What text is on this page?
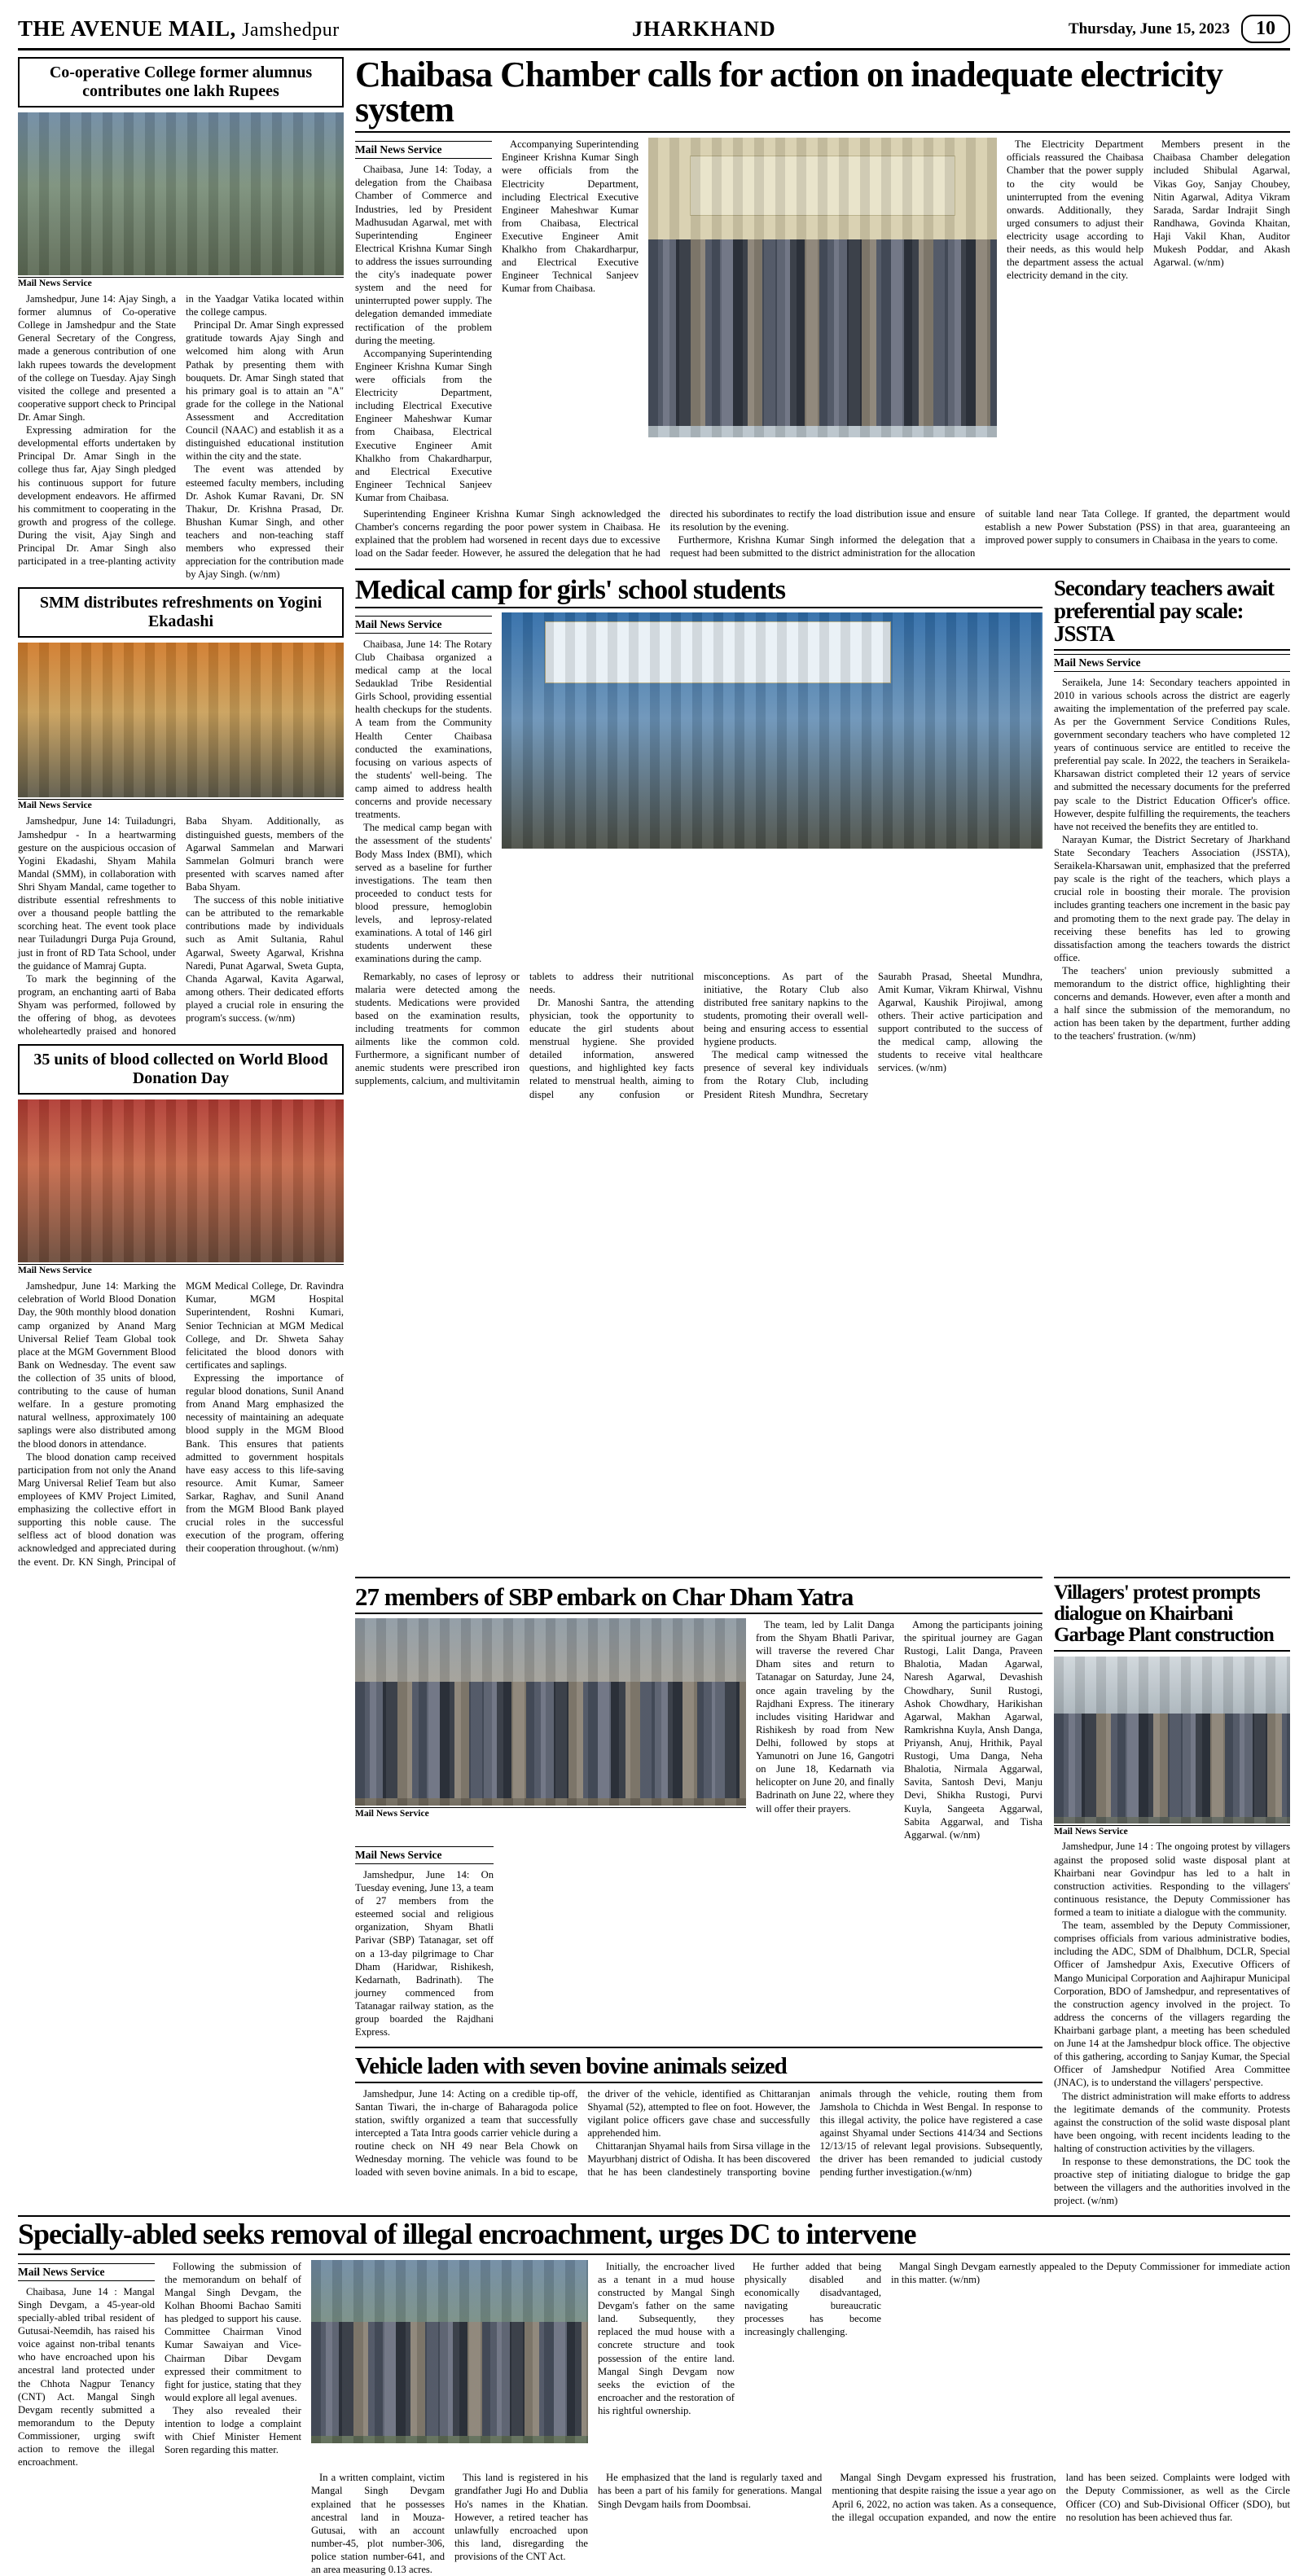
THE AVENUE MAIL, Jamshedpur	JHARKHAND	Thursday, June 15, 2023	10
Co-operative College former alumnus contributes one lakh Rupees
Mail News Service

Jamshedpur, June 14: Ajay Singh, a former alumnus of Co-operative College in Jamshedpur and the State General Secretary of the Congress, made a generous contribution of one lakh rupees towards the development of the college on Tuesday. Ajay Singh visited the college and presented a cooperative support check to Principal Dr. Amar Singh.

Expressing admiration for the developmental efforts undertaken by Principal Dr. Amar Singh in the college thus far, Ajay Singh pledged his continuous support for future development endeavors. He affirmed his commitment to cooperating in the growth and progress of the college. During the visit, Ajay Singh and Principal Dr. Amar Singh also participated in a tree-planting activity in the Yaadgar Vatika located within the college campus.

Principal Dr. Amar Singh expressed gratitude towards Ajay Singh and welcomed him along with Arun Pathak by presenting them with bouquets. Dr. Amar Singh stated that his primary goal is to attain an "A" grade for the college in the National Assessment and Accreditation Council (NAAC) and establish it as a distinguished educational institution within the city and the state.

The event was attended by esteemed faculty members, including Dr. Ashok Kumar Ravani, Dr. SN Thakur, Dr. Krishna Prasad, Dr. Bhushan Kumar Singh, and other teachers and non-teaching staff members who expressed their appreciation for the contribution made by Ajay Singh. (w/nm)

SMM distributes refreshments on Yogini Ekadashi
Mail News Service

Jamshedpur, June 14: Tuiladungri, Jamshedpur - In a heartwarming gesture on the auspicious occasion of Yogini Ekadashi, Shyam Mahila Mandal (SMM), in collaboration with Shri Shyam Mandal, came together to distribute essential refreshments to over a thousand people battling the scorching heat. The event took place near Tuiladungri Durga Puja Ground, just in front of RD Tata School, under the guidance of Mamraj Gupta.

To mark the beginning of the program, an enchanting aarti of Baba Shyam was performed, followed by the offering of bhog, as devotees wholeheartedly praised and honored Baba Shyam. Additionally, as distinguished guests, members of the Agarwal Sammelan and Marwari Sammelan Golmuri branch were presented with scarves named after Baba Shyam.

The success of this noble initiative can be attributed to the remarkable contributions made by individuals such as Amit Sultania, Rahul Agarwal, Sweety Agarwal, Krishna Naredi, Punat Agarwal, Sweta Gupta, Chanda Agarwal, Kavita Agarwal, among others. Their dedicated efforts played a crucial role in ensuring the program's success. (w/nm)

35 units of blood collected on World Blood Donation Day
Mail News Service

Jamshedpur, June 14: Marking the celebration of World Blood Donation Day, the 90th monthly blood donation camp organized by Anand Marg Universal Relief Team Global took place at the MGM Government Blood Bank on Wednesday. The event saw the collection of 35 units of blood, contributing to the cause of human welfare. In a gesture promoting natural wellness, approximately 100 saplings were also distributed among the blood donors in attendance.

The blood donation camp received participation from not only the Anand Marg Universal Relief Team but also employees of KMV Project Limited, emphasizing the collective effort in supporting this noble cause. The selfless act of blood donation was acknowledged and appreciated during the event. Dr. KN Singh, Principal of MGM Medical College, Dr. Ravindra Kumar, MGM Hospital Superintendent, Roshni Kumari, Senior Technician at MGM Medical College, and Dr. Shweta Sahay felicitated the blood donors with certificates and saplings.

Expressing the importance of regular blood donations, Sunil Anand from Anand Marg emphasized the necessity of maintaining an adequate blood supply in the MGM Blood Bank. This ensures that patients admitted to government hospitals have easy access to this life-saving resource. Amit Kumar, Sameer Sarkar, Raghav, and Sunil Anand from the MGM Blood Bank played crucial roles in the successful execution of the program, offering their cooperation throughout. (w/nm)

Chaibasa Chamber calls for action on inadequate electricity system
Mail News Service

Chaibasa, June 14: Today, a delegation from the Chaibasa Chamber of Commerce and Industries, led by President Madhusudan Agarwal, met with Superintending Engineer Electrical Krishna Kumar Singh to address the issues surrounding the city's inadequate power system and the need for uninterrupted power supply. The delegation demanded immediate rectification of the problem during the meeting.

Accompanying Superintending Engineer Krishna Kumar Singh were officials from the Electricity Department, including Electrical Executive Engineer Maheshwar Kumar from Chaibasa, Electrical Executive Engineer Amit Khalkho from Chakardharpur, and Electrical Executive Engineer Technical Sanjeev Kumar from Chaibasa.

Accompanying Superintending Engineer Krishna Kumar Singh were officials from the Electricity Department, including Electrical Executive Engineer Maheshwar Kumar from Chaibasa, Electrical Executive Engineer Amit Khalkho from Chakardharpur, and Electrical Executive Engineer Technical Sanjeev Kumar from Chaibasa.

The Electricity Department officials reassured the Chaibasa Chamber that the power supply to the city would be uninterrupted from the evening onwards. Additionally, they urged consumers to adjust their electricity usage according to their needs, as this would help the department assess the actual electricity demand in the city.

Members present in the Chaibasa Chamber delegation included Shibulal Agarwal, Vikas Goy, Sanjay Choubey, Nitin Agarwal, Aditya Vikram Sarada, Sardar Indrajit Singh Randhawa, Govinda Khaitan, Haji Vakil Khan, Auditor Mukesh Poddar, and Akash Agarwal. (w/nm)

Superintending Engineer Krishna Kumar Singh acknowledged the Chamber's concerns regarding the poor power system in Chaibasa. He explained that the problem had worsened in recent days due to excessive load on the Sadar feeder. However, he assured the delegation that he had directed his subordinates to rectify the load distribution issue and ensure its resolution by the evening.

Furthermore, Krishna Kumar Singh informed the delegation that a request had been submitted to the district administration for the allocation of suitable land near Tata College. If granted, the department would establish a new Power Substation (PSS) in that area, guaranteeing an improved power supply to consumers in Chaibasa in the years to come.

Medical camp for girls' school students
Mail News Service

Chaibasa, June 14: The Rotary Club Chaibasa organized a medical camp at the local Sedauklad Tribe Residential Girls School, providing essential health checkups for the students. A team from the Community Health Center Chaibasa conducted the examinations, focusing on various aspects of the students' well-being. The camp aimed to address health concerns and provide necessary treatments.

The medical camp began with the assessment of the students' Body Mass Index (BMI), which served as a baseline for further investigations. The team then proceeded to conduct tests for blood pressure, hemoglobin levels, and leprosy-related examinations. A total of 146 girl students underwent these examinations during the camp.

Remarkably, no cases of leprosy or malaria were detected among the students. Medications were provided based on the examination results, including treatments for common ailments like the common cold. Furthermore, a significant number of anemic students were prescribed iron supplements, calcium, and multivitamin tablets to address their nutritional needs.

Dr. Manoshi Santra, the attending physician, took the opportunity to educate the girl students about menstrual hygiene. She provided detailed information, answered questions, and highlighted key facts related to menstrual health, aiming to dispel any confusion or misconceptions. As part of the initiative, the Rotary Club also distributed free sanitary napkins to the students, promoting their overall well-being and ensuring access to essential hygiene products.

The medical camp witnessed the presence of several key individuals from the Rotary Club, including President Ritesh Mundhra, Secretary Saurabh Prasad, Sheetal Mundhra, Amit Kumar, Vikram Khirwal, Vishnu Agarwal, Kaushik Pirojiwal, among others. Their active participation and support contributed to the success of the medical camp, allowing the students to receive vital healthcare services. (w/nm)

Secondary teachers await preferential pay scale: JSSTA
Mail News Service

Seraikela, June 14: Secondary teachers appointed in 2010 in various schools across the district are eagerly awaiting the implementation of the preferred pay scale. As per the Government Service Conditions Rules, government secondary teachers who have completed 12 years of continuous service are entitled to receive the preferential pay scale. In 2022, the teachers in Seraikela-Kharsawan district completed their 12 years of service and submitted the necessary documents for the preferred pay scale to the District Education Officer's office. However, despite fulfilling the requirements, the teachers have not received the benefits they are entitled to.

Narayan Kumar, the District Secretary of Jharkhand State Secondary Teachers Association (JSSTA), Seraikela-Kharsawan unit, emphasized that the preferred pay scale is the right of the teachers, which plays a crucial role in boosting their morale. The provision includes granting teachers one increment in the basic pay and promoting them to the next grade pay. The delay in receiving these benefits has led to growing dissatisfaction among the teachers towards the district office.

The teachers' union previously submitted a memorandum to the district office, highlighting their concerns and demands. However, even after a month and a half since the submission of the memorandum, no action has been taken by the department, further adding to the teachers' frustration. (w/nm)

27 members of SBP embark on Char Dham Yatra
Mail News Service

The team, led by Lalit Danga from the Shyam Bhatli Parivar, will traverse the revered Char Dham sites and return to Tatanagar on Saturday, June 24, once again traveling by the Rajdhani Express. The itinerary includes visiting Haridwar and Rishikesh by road from New Delhi, followed by stops at Yamunotri on June 16, Gangotri on June 18, Kedarnath via helicopter on June 20, and finally Badrinath on June 22, where they will offer their prayers.

Among the participants joining the spiritual journey are Gagan Rustogi, Lalit Danga, Praveen Bhalotia, Madan Agarwal, Naresh Agarwal, Devashish Chowdhary, Sunil Rustogi, Ashok Chowdhary, Harikishan Agarwal, Makhan Agarwal, Ramkrishna Kuyla, Ansh Danga, Priyansh, Anuj, Hrithik, Payal Rustogi, Uma Danga, Neha Bhalotia, Nirmala Aggarwal, Savita, Santosh Devi, Manju Devi, Shikha Rustogi, Purvi Kuyla, Sangeeta Aggarwal, Sabita Aggarwal, and Tisha Aggarwal. (w/nm)

Mail News Service

Jamshedpur, June 14: On Tuesday evening, June 13, a team of 27 members from the esteemed social and religious organization, Shyam Bhatli Parivar (SBP) Tatanagar, set off on a 13-day pilgrimage to Char Dham (Haridwar, Rishikesh, Kedarnath, Badrinath). The journey commenced from Tatanagar railway station, as the group boarded the Rajdhani Express.

Vehicle laden with seven bovine animals seized

Jamshedpur, June 14: Acting on a credible tip-off, Santan Tiwari, the in-charge of Baharagoda police station, swiftly organized a team that successfully intercepted a Tata Intra goods carrier vehicle during a routine check on NH 49 near Bela Chowk on Wednesday morning. The vehicle was found to be loaded with seven bovine animals. In a bid to escape, the driver of the vehicle, identified as Chittaranjan Shyamal (52), attempted to flee on foot. However, the vigilant police officers gave chase and successfully apprehended him.

Chittaranjan Shyamal hails from Sirsa village in the Mayurbhanj district of Odisha. It has been discovered that he has been clandestinely transporting bovine animals through the vehicle, routing them from Jamshola to Chichda in West Bengal. In response to this illegal activity, the police have registered a case against Shyamal under Sections 414/34 and Sections 12/13/15 of relevant legal provisions. Subsequently, the driver has been remanded to judicial custody pending further investigation.(w/nm)

Villagers' protest prompts dialogue on Khairbani Garbage Plant construction
Mail News Service

Jamshedpur, June 14 : The ongoing protest by villagers against the proposed solid waste disposal plant at Khairbani near Govindpur has led to a halt in construction activities. Responding to the villagers' continuous resistance, the Deputy Commissioner has formed a team to initiate a dialogue with the community.

The team, assembled by the Deputy Commissioner, comprises officials from various administrative bodies, including the ADC, SDM of Dhalbhum, DCLR, Special Officer of Jamshedpur Axis, Executive Officers of Mango Municipal Corporation and Aajhirapur Municipal Corporation, BDO of Jamshedpur, and representatives of the construction agency involved in the project. To address the concerns of the villagers regarding the Khairbani garbage plant, a meeting has been scheduled on June 14 at the Jamshedpur block office. The objective of this gathering, according to Sanjay Kumar, the Special Officer of Jamshedpur Notified Area Committee (JNAC), is to understand the villagers' perspective.

The district administration will make efforts to address the legitimate demands of the community. Protests against the construction of the solid waste disposal plant have been ongoing, with recent incidents leading to the halting of construction activities by the villagers.

In response to these demonstrations, the DC took the proactive step of initiating dialogue to bridge the gap between the villagers and the authorities involved in the project. (w/nm)

Specially-abled seeks removal of illegal encroachment, urges DC to intervene
Mail News Service

Chaibasa, June 14 : Mangal Singh Devgam, a 45-year-old specially-abled tribal resident of Gutusai-Neemdih, has raised his voice against non-tribal tenants who have encroached upon his ancestral land protected under the Chhota Nagpur Tenancy (CNT) Act. Mangal Singh Devgam recently submitted a memorandum to the Deputy Commissioner, urging swift action to remove the illegal encroachment.

Following the submission of the memorandum on behalf of Mangal Singh Devgam, the Kolhan Bhoomi Bachao Samiti has pledged to support his cause. Committee Chairman Vinod Kumar Sawaiyan and Vice-Chairman Dibar Devgam expressed their commitment to fight for justice, stating that they would explore all legal avenues.

They also revealed their intention to lodge a complaint with Chief Minister Hement Soren regarding this matter.

Initially, the encroacher lived as a tenant in a mud house constructed by Mangal Singh Devgam's father on the same land. Subsequently, they replaced the mud house with a concrete structure and took possession of the entire land. Mangal Singh Devgam now seeks the eviction of the encroacher and the restoration of his rightful ownership.

He further added that being physically disabled and economically disadvantaged, navigating bureaucratic processes has become increasingly challenging.

Mangal Singh Devgam earnestly appealed to the Deputy Commissioner for immediate action in this matter. (w/nm)

In a written complaint, victim Mangal Singh Devgam explained that he possesses ancestral land in Mouza-Gutusai, with an account number-45, plot number-306, police station number-641, and an area measuring 0.13 acres.

This land is registered in his grandfather Jugi Ho and Dublia Ho's names in the Khatian. However, a retired teacher has unlawfully encroached upon this land, disregarding the provisions of the CNT Act.

He emphasized that the land is regularly taxed and has been a part of his family for generations. Mangal Singh Devgam hails from Doombsai.

Mangal Singh Devgam expressed his frustration, mentioning that despite raising the issue a year ago on April 6, 2022, no action was taken. As a consequence, the illegal occupation expanded, and now the entire land has been seized. Complaints were lodged with the Deputy Commissioner, as well as the Circle Officer (CO) and Sub-Divisional Officer (SDO), but no resolution has been achieved thus far.
